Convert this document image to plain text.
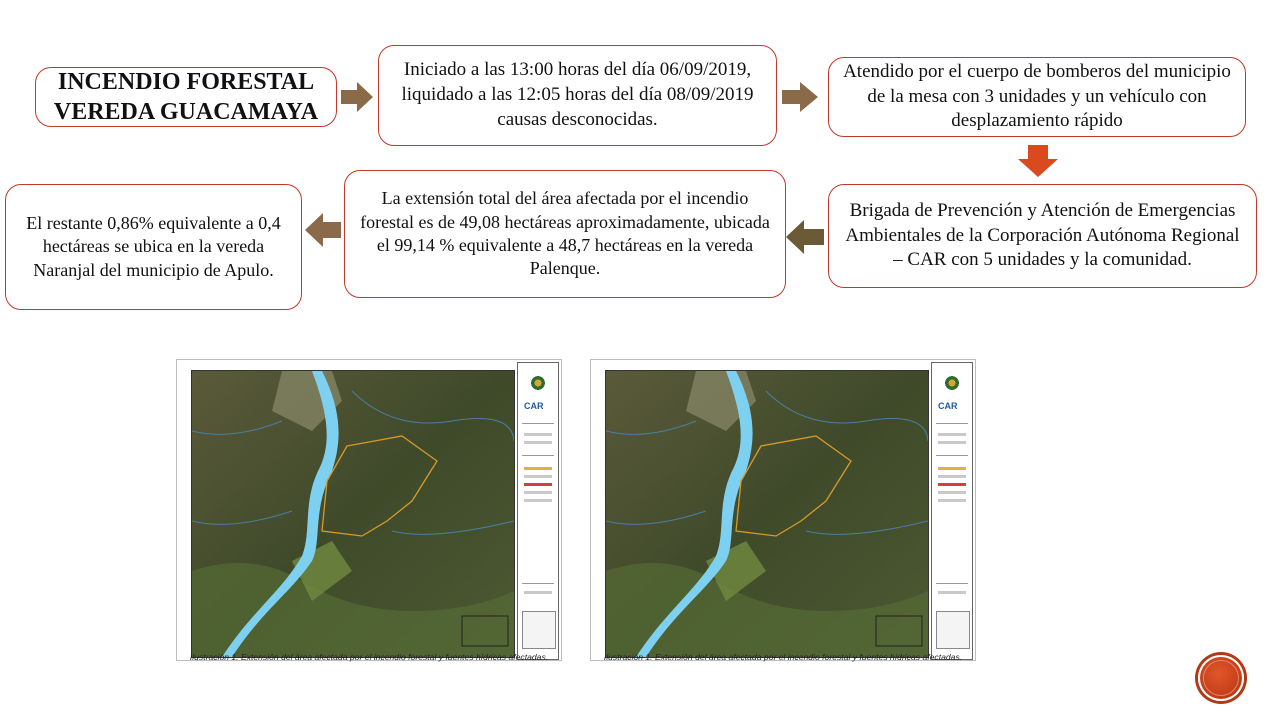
INCENDIO FORESTAL VEREDA GUACAMAYA
Iniciado a las 13:00 horas del día 06/09/2019, liquidado a las 12:05 horas del día 08/09/2019 causas desconocidas.
Atendido por el cuerpo de bomberos del municipio de la mesa con 3 unidades y un vehículo con desplazamiento rápido
Brigada de Prevención y Atención de Emergencias Ambientales de la Corporación Autónoma Regional – CAR con 5 unidades y la comunidad.
La extensión total del área afectada por el incendio forestal es de 49,08 hectáreas aproximadamente, ubicada el 99,14 % equivalente a 48,7 hectáreas en la vereda Palenque.
El restante 0,86% equivalente a 0,4 hectáreas se ubica en la vereda Naranjal del municipio de Apulo.
CAR
Ilustración 1. Extensión del área afectada por el incendio forestal y fuentes hídricas afectadas.
CAR
Ilustración 1. Extensión del área afectada por el incendio forestal y fuentes hídricas afectadas.
